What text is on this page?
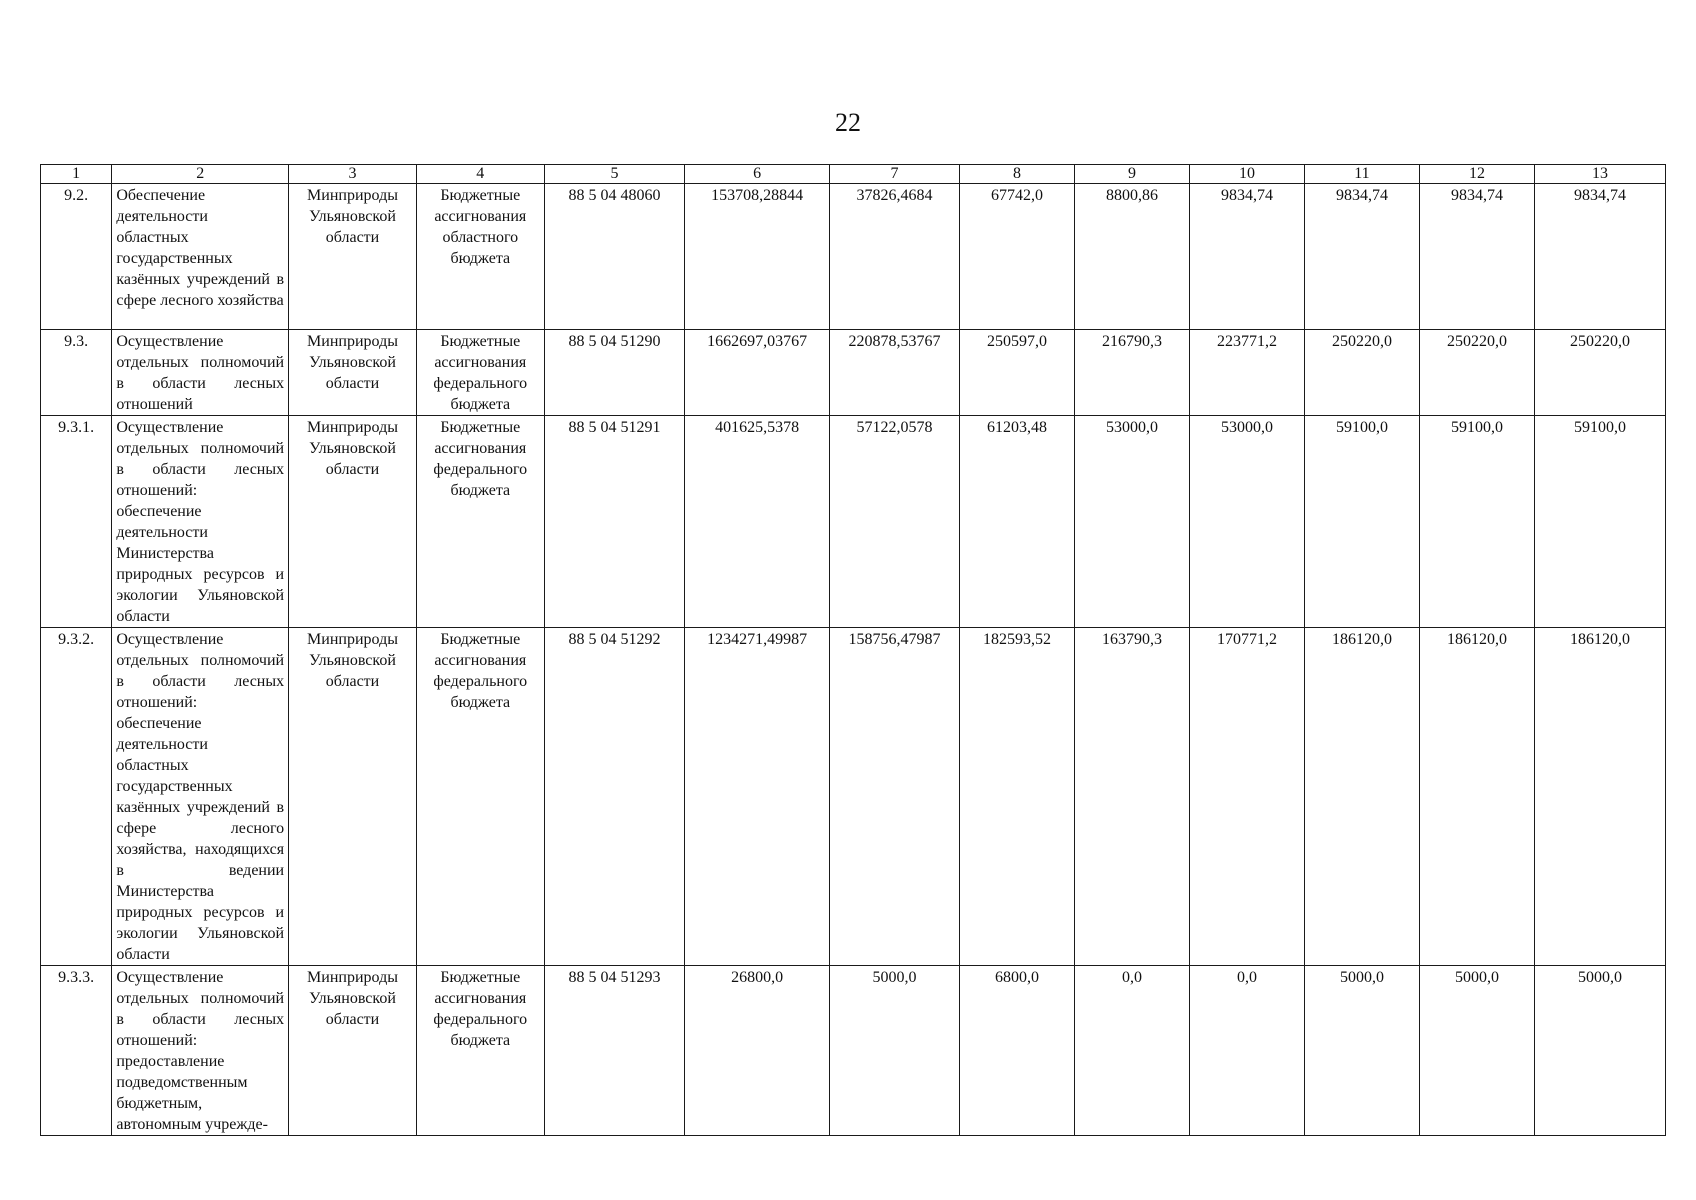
22
1	2	3	4	5	6	7	8	9	10	11	12	13
9.2.	Обеспечение деятельности областных государственных казённых учреждений в сфере лесного хозяйства	Минприроды Ульяновской области	Бюджетные ассигнования областного бюджета	88 5 04 48060	153708,28844	37826,4684	67742,0	8800,86	9834,74	9834,74	9834,74	9834,74
9.3.	Осуществление отдельных полномочий в области лесных отношений	Минприроды Ульяновской области	Бюджетные ассигнования федерального бюджета	88 5 04 51290	1662697,03767	220878,53767	250597,0	216790,3	223771,2	250220,0	250220,0	250220,0
9.3.1.	Осуществление отдельных полномочий в области лесных отношений: обеспечение деятельности Министерства природных ресурсов и экологии Ульяновской области	Минприроды Ульяновской области	Бюджетные ассигнования федерального бюджета	88 5 04 51291	401625,5378	57122,0578	61203,48	53000,0	53000,0	59100,0	59100,0	59100,0
9.3.2.	Осуществление отдельных полномочий в области лесных отношений: обеспечение деятельности областных государственных казённых учреждений в сфере лесного хозяйства, находящихся в ведении Министерства природных ресурсов и экологии Ульяновской области	Минприроды Ульяновской области	Бюджетные ассигнования федерального бюджета	88 5 04 51292	1234271,49987	158756,47987	182593,52	163790,3	170771,2	186120,0	186120,0	186120,0
9.3.3.	Осуществление отдельных полномочий в области лесных отношений: предоставление подведомственным бюджетным, автономным учрежде-	Минприроды Ульяновской области	Бюджетные ассигнования федерального бюджета	88 5 04 51293	26800,0	5000,0	6800,0	0,0	0,0	5000,0	5000,0	5000,0
